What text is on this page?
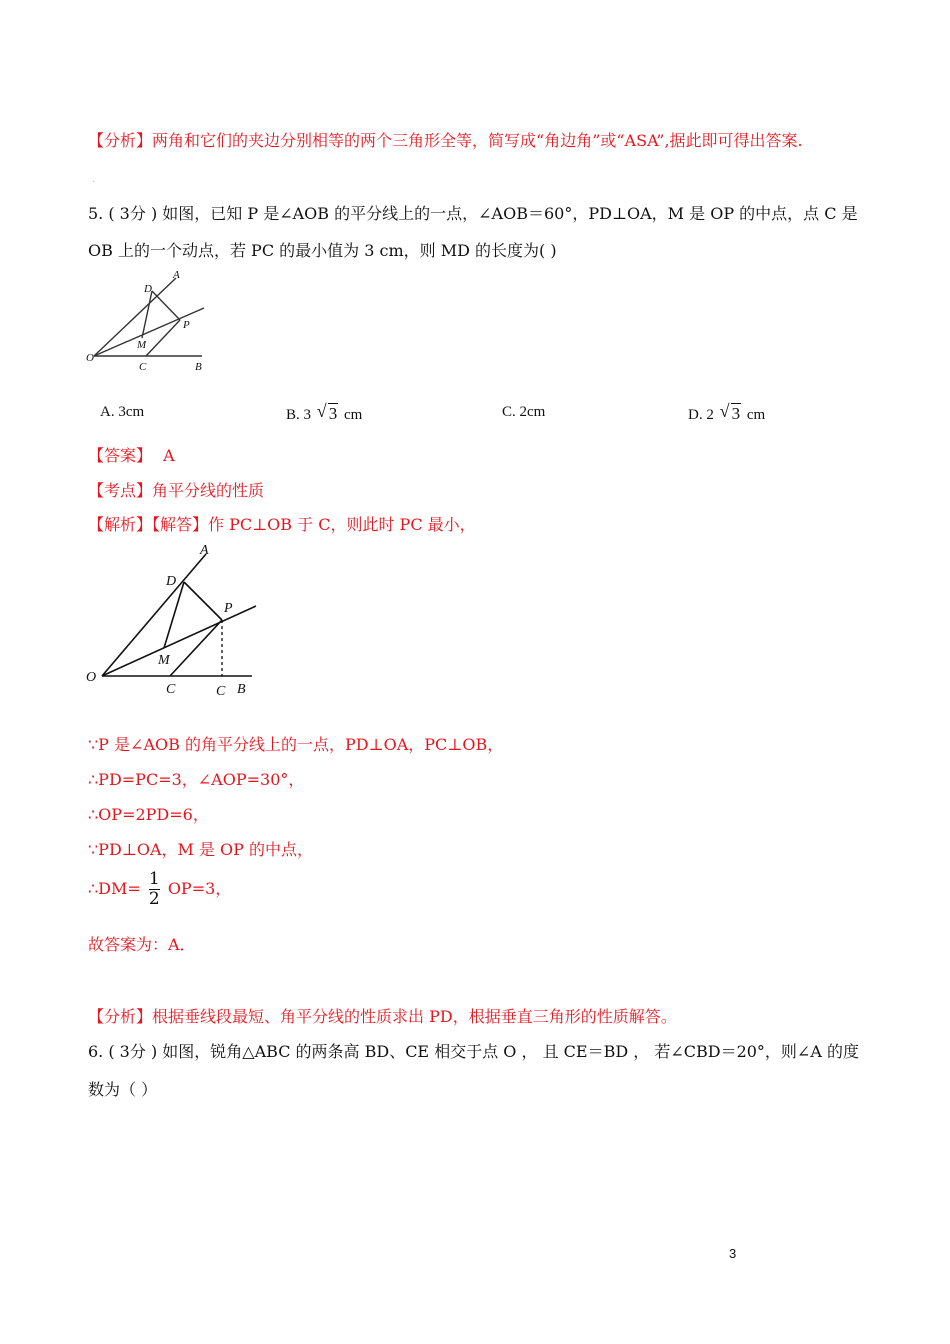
【分析】两角和它们的夹边分别相等的两个三角形全等，简写成“角边角”或“ASA”,据此即可得出答案.
.
5. ( 3分 ) 如图，已知 P 是∠AOB 的平分线上的一点，∠AOB＝60°，PD⊥OA，M 是 OP 的中点，点 C 是
OB 上的一个动点，若 PC 的最小值为 3 cm，则 MD 的长度为( )
A
D
P
M
O
C	B
A. 3cm	B. 3 √ 3 cm	C. 2cm	D. 2 √ 3 cm
【答案】 A
【考点】角平分线的性质
【解析】【解答】作 PC⊥OB 于 C，则此时 PC 最小，
A
D
P
M
O
C	C B
∵P 是∠AOB 的角平分线上的一点，PD⊥OA，PC⊥OB，
∴PD=PC=3，∠AOP=30°，
∴OP=2PD=6，
∵PD⊥OA，M 是 OP 的中点，
∴DM= $\frac{1}{2} OP=3$，
故答案为：A．
【分析】根据垂线段最短、角平分线的性质求出 PD，根据垂直三角形的性质解答。
6. ( 3分 ) 如图，锐角△ABC 的两条高 BD、CE 相交于点 O ， 且 CE＝BD ， 若∠CBD＝20°，则∠A 的度
数为（ ）
3
